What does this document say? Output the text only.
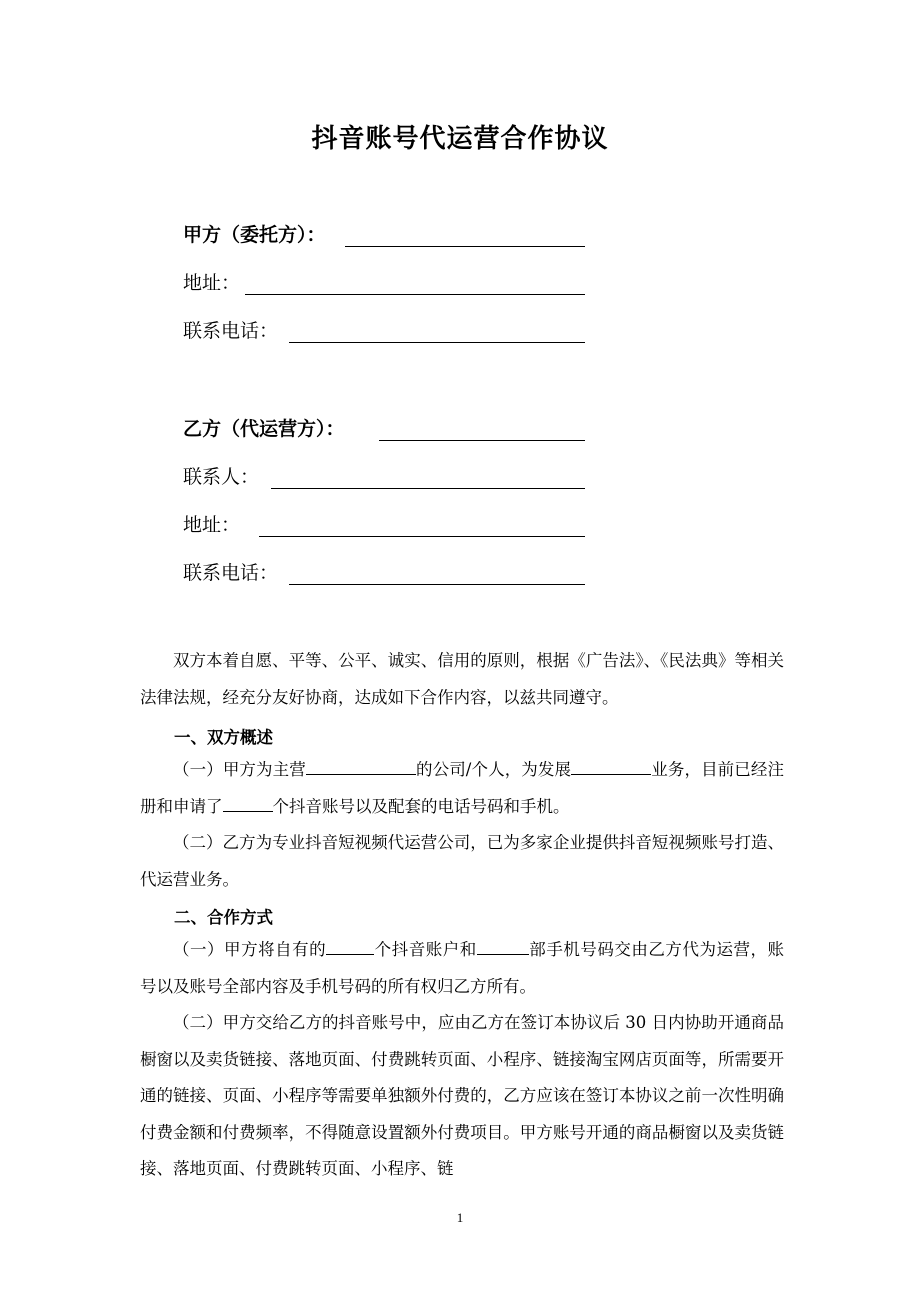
抖音账号代运营合作协议
甲方（委托方）：
地址：
联系电话：
乙方（代运营方）：
联系人：
地址：
联系电话：

双方本着自愿、平等、公平、诚实、信用的原则，根据《广告法》、《民法典》等相关法律法规，经充分友好协商，达成如下合作内容，以兹共同遵守。

一、双方概述

（一）甲方为主营	的公司/个人，为发展	业务，目前已经注册和申请了	个抖音账号以及配套的电话号码和手机。

（二）乙方为专业抖音短视频代运营公司，已为多家企业提供抖音短视频账号打造、代运营业务。

二、合作方式

（一）甲方将自有的	个抖音账户和	部手机号码交由乙方代为运营，账号以及账号全部内容及手机号码的所有权归乙方所有。

（二）甲方交给乙方的抖音账号中，应由乙方在签订本协议后 30 日内协助开通商品橱窗以及卖货链接、落地页面、付费跳转页面、小程序、链接淘宝网店页面等，所需要开通的链接、页面、小程序等需要单独额外付费的，乙方应该在签订本协议之前一次性明确付费金额和付费频率，不得随意设置额外付费项目。甲方账号开通的商品橱窗以及卖货链接、落地页面、付费跳转页面、小程序、链

1
